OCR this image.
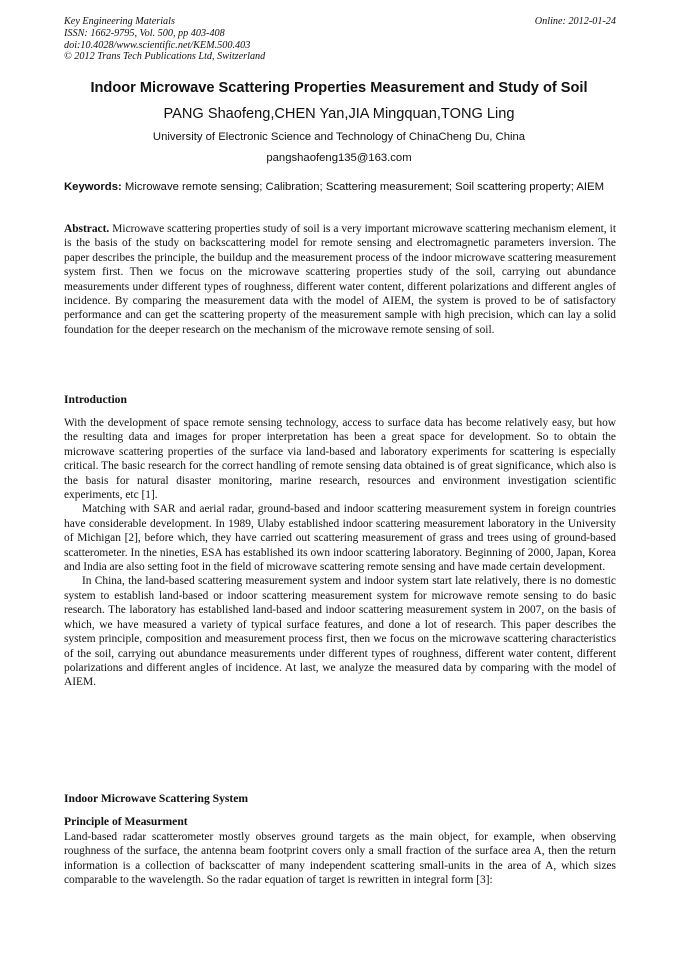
Key Engineering Materials
ISSN: 1662-9795, Vol. 500, pp 403-408
doi:10.4028/www.scientific.net/KEM.500.403
© 2012 Trans Tech Publications Ltd, Switzerland
Online: 2012-01-24
Indoor Microwave Scattering Properties Measurement and Study of Soil
PANG Shaofeng,CHEN Yan,JIA Mingquan,TONG Ling
University of Electronic Science and Technology of ChinaCheng Du, China
pangshaofeng135@163.com
Keywords: Microwave remote sensing; Calibration; Scattering measurement; Soil scattering property; AIEM

Abstract. Microwave scattering properties study of soil is a very important microwave scattering mechanism element, it is the basis of the study on backscattering model for remote sensing and electromagnetic parameters inversion. The paper describes the principle, the buildup and the measurement process of the indoor microwave scattering measurement system first. Then we focus on the microwave scattering properties study of the soil, carrying out abundance measurements under different types of roughness, different water content, different polarizations and different angles of incidence. By comparing the measurement data with the model of AIEM, the system is proved to be of satisfactory performance and can get the scattering property of the measurement sample with high precision, which can lay a solid foundation for the deeper research on the mechanism of the microwave remote sensing of soil.

Introduction

With the development of space remote sensing technology, access to surface data has become relatively easy, but how the resulting data and images for proper interpretation has been a great space for development. So to obtain the microwave scattering properties of the surface via land-based and laboratory experiments for scattering is especially critical. The basic research for the correct handling of remote sensing data obtained is of great significance, which also is the basis for natural disaster monitoring, marine research, resources and environment investigation scientific experiments, etc [1].

Matching with SAR and aerial radar, ground-based and indoor scattering measurement system in foreign countries have considerable development. In 1989, Ulaby established indoor scattering measurement laboratory in the University of Michigan [2], before which, they have carried out scattering measurement of grass and trees using of ground-based scatterometer. In the nineties, ESA has established its own indoor scattering laboratory. Beginning of 2000, Japan, Korea and India are also setting foot in the field of microwave scattering remote sensing and have made certain development.

In China, the land-based scattering measurement system and indoor system start late relatively, there is no domestic system to establish land-based or indoor scattering measurement system for microwave remote sensing to do basic research. The laboratory has established land-based and indoor scattering measurement system in 2007, on the basis of which, we have measured a variety of typical surface features, and done a lot of research. This paper describes the system principle, composition and measurement process first, then we focus on the microwave scattering characteristics of the soil, carrying out abundance measurements under different types of roughness, different water content, different polarizations and different angles of incidence. At last, we analyze the measured data by comparing with the model of AIEM.

Indoor Microwave Scattering System
Principle of Measurment

Land-based radar scatterometer mostly observes ground targets as the main object, for example, when observing roughness of the surface, the antenna beam footprint covers only a small fraction of the surface area A, then the return information is a collection of backscatter of many independent scattering small-units in the area of A, which sizes comparable to the wavelength. So the radar equation of target is rewritten in integral form [3]:
